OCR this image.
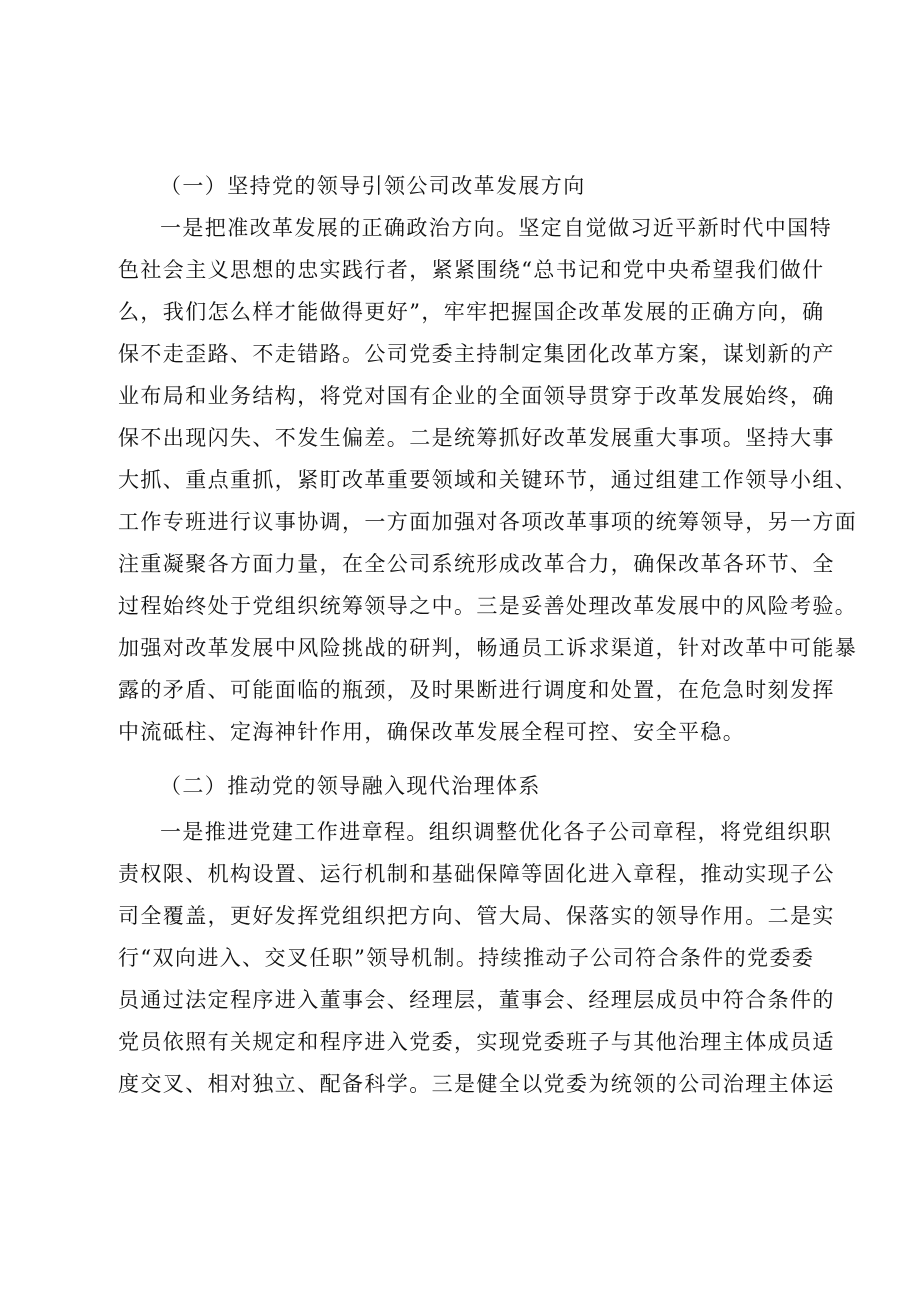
（一）坚持党的领导引领公司改革发展方向
一是把准改革发展的正确政治方向。坚定自觉做习近平新时代中国特
色社会主义思想的忠实践行者，紧紧围绕“总书记和党中央希望我们做什
么，我们怎么样才能做得更好”，牢牢把握国企改革发展的正确方向，确
保不走歪路、不走错路。公司党委主持制定集团化改革方案，谋划新的产
业布局和业务结构，将党对国有企业的全面领导贯穿于改革发展始终，确
保不出现闪失、不发生偏差。二是统筹抓好改革发展重大事项。坚持大事
大抓、重点重抓，紧盯改革重要领域和关键环节，通过组建工作领导小组、
工作专班进行议事协调，一方面加强对各项改革事项的统筹领导，另一方面
注重凝聚各方面力量，在全公司系统形成改革合力，确保改革各环节、全
过程始终处于党组织统筹领导之中。三是妥善处理改革发展中的风险考验。
加强对改革发展中风险挑战的研判，畅通员工诉求渠道，针对改革中可能暴
露的矛盾、可能面临的瓶颈，及时果断进行调度和处置，在危急时刻发挥
中流砥柱、定海神针作用，确保改革发展全程可控、安全平稳。
（二）推动党的领导融入现代治理体系
一是推进党建工作进章程。组织调整优化各子公司章程，将党组织职
责权限、机构设置、运行机制和基础保障等固化进入章程，推动实现子公
司全覆盖，更好发挥党组织把方向、管大局、保落实的领导作用。二是实
行“双向进入、交叉任职”领导机制。持续推动子公司符合条件的党委委
员通过法定程序进入董事会、经理层，董事会、经理层成员中符合条件的
党员依照有关规定和程序进入党委，实现党委班子与其他治理主体成员适
度交叉、相对独立、配备科学。三是健全以党委为统领的公司治理主体运
